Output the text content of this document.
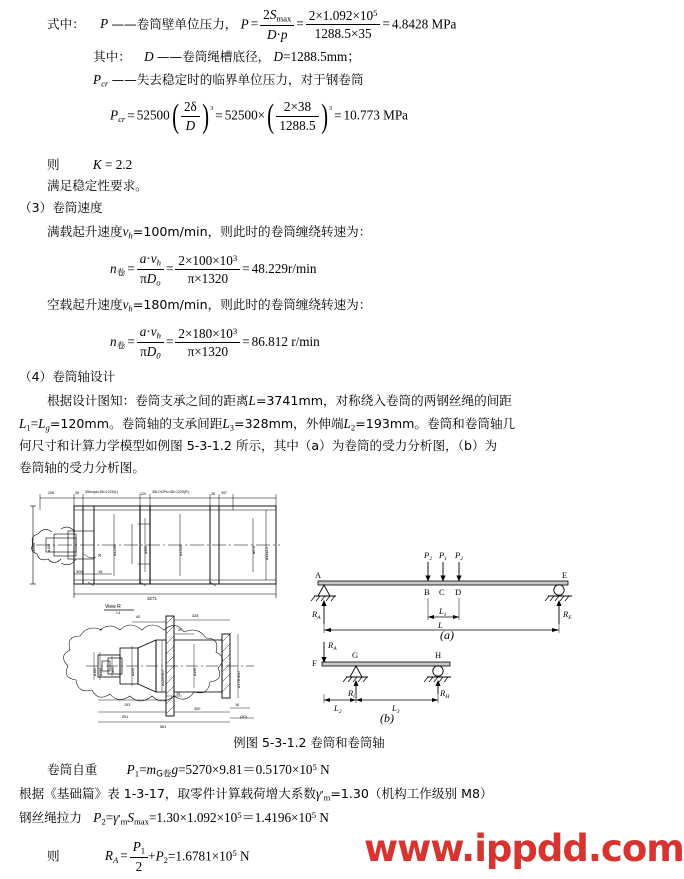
式中： P ——卷筒壁单位压力， $P = \frac{2S_{max}}{D\cdot p} = \frac{2\times 1.092\times 10^5}{1288.5\times 35} = 4.8428$ MPa
其中： D ——卷筒绳槽底径， D=1288.5mm；
Pcr ——失去稳定时的临界单位压力，对于钢卷筒
Pcr = $52500( \frac{2\delta}{D} )^3 = 52500\times( \frac{2\times 38}{1288.5} )^3 = 10.773$ MPa
则	K = 2.2
满足稳定性要求。
（3）卷筒速度
满载起升速度vh=100m/min，则此时的卷筒缠绕转速为：
$n_卷 = \frac{a\cdot vh}{\text{πDo}} = \frac{2\times 100\times 10^3}{\pi\times 1320} = 48.229r/\min$
空载起升速度vh=180m/min，则此时的卷筒缠绕转速为：
$n_卷 = \frac{a\cdot vh}{\pi D0} = \frac{2\times 180\times 10^3}{\pi\times 1320} = 86.812$ r/min
（4）卷筒轴设计
根据设计图知：卷筒支承之间的距离L=3741mm，对称绕入卷筒的两钢丝绳的间距
$L_1=Lg=120mm$。卷筒轴的支承间距$L_3=328mm$，外伸端$L_2=193mm$。卷筒和卷筒轴几
何尺寸和计算力学模型如例图 5-3-1.2 所示，其中（a）为卷筒的受力分析图，（b）为
卷筒轴的受力分析图。
208	35 35loops×35=1225(L)	120 35LOOPs×35=1225(R)	35 397
3271
300	16
R
ø160
1360	ø1236	ø980	ø1320	ø670	ø1312.5
View R
1:4
40	328
30
ø180 ø160 ø95	ø205	ø220H8/r7	ø195	ø175H8/k7
193
15
251
300
581
16
(30)
A	E
B C D
$P_2$ $P_1$ $P_2$
$R_A$	$R_E$
$L_1$
L
(a)
F
G	H
$R_A$
$R_G$	$R_H$
$L_2$	$L_3$
(b)
例图 5-3-1.2 卷筒和卷筒轴
卷筒自重 $P_1=m_{G卷}g=5270\times 9.81=0.5170\times 10^5$ N
根据《基础篇》表 1-3-17，取零件计算载荷增大系数$\gamma'_m=1.30$（机构工作级别 M8）
钢丝绳拉力 $P_2=\gamma'_mS_{max}=1.30\times 1.092\times 10^5=1.4196\times 10^5$ N
则	RA = $\frac{P_1}{2} +P_2=1.6781\times 10^5$ N	www.ippdd.com
